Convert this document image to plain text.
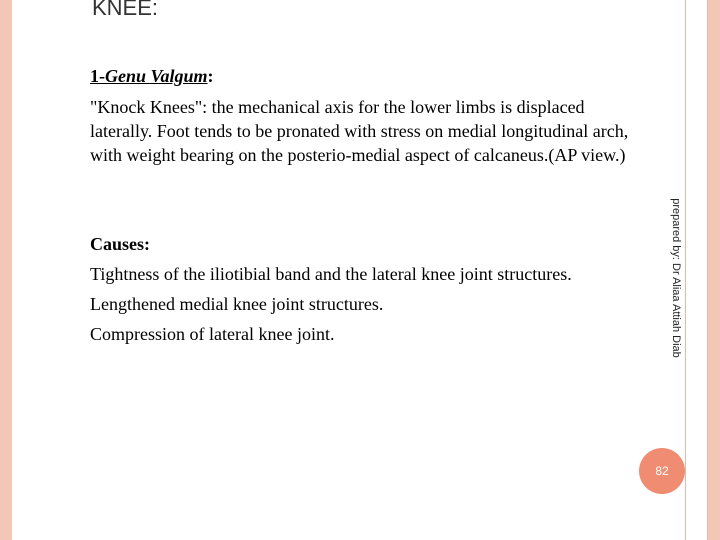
KNEE:
1-Genu Valgum:

"Knock Knees": the mechanical axis for the lower limbs is displaced laterally. Foot tends to be pronated with stress on medial longitudinal arch, with weight bearing on the posterio-medial aspect of calcaneus.(AP view.)

Causes:
Tightness of the iliotibial band and the lateral knee joint structures.
Lengthened medial knee joint structures.
Compression of lateral knee joint.	prepared by: Dr Aliaa Attiah Diab
82
